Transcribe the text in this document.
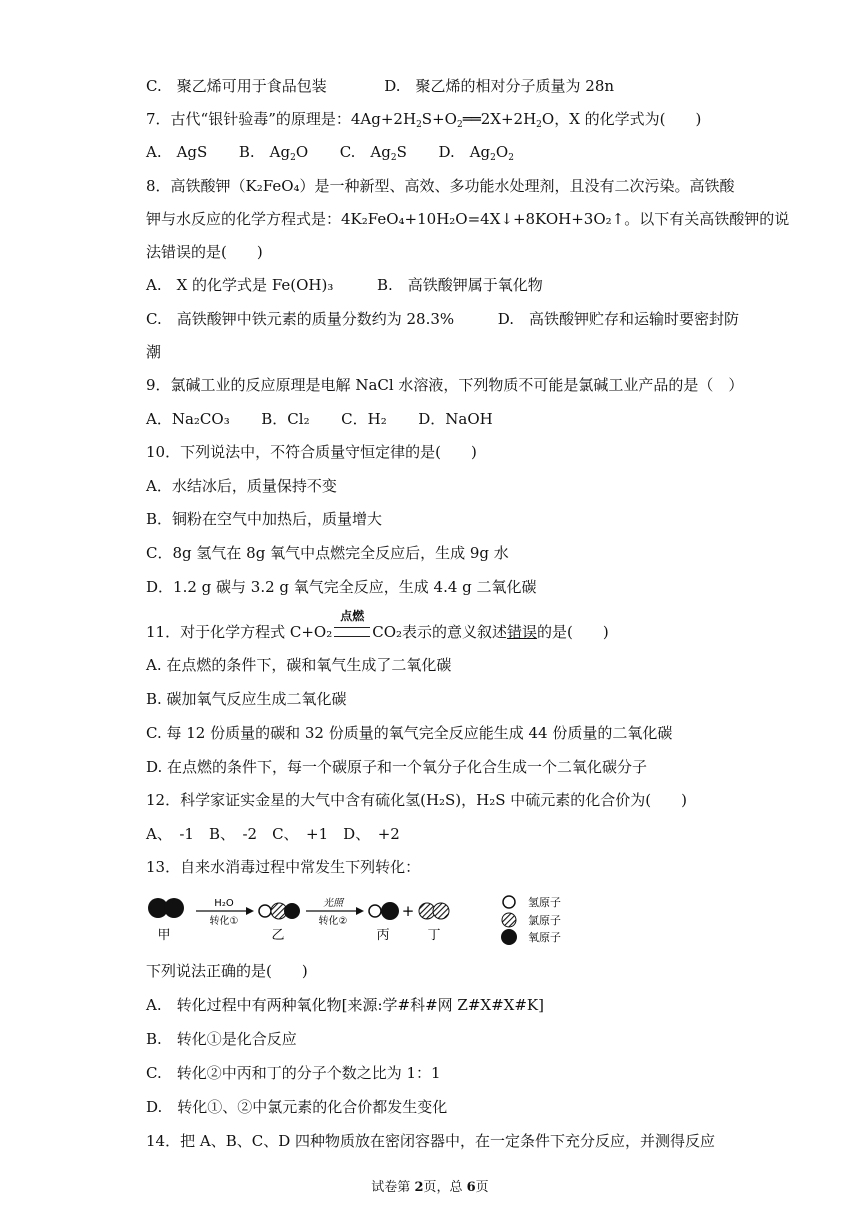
C.　聚乙烯可用于食品包装	D.　聚乙烯的相对分子质量为 28n
7．古代“银针验毒”的原理是：$4Ag+2H_2S+O_2══2X+2H_2O$，X 的化学式为(　　)
A.　AgS B.　$Ag_2O$ C.　$Ag_2S$ D.　$Ag_2O_2$
8．高铁酸钾（K₂FeO₄）是一种新型、高效、多功能水处理剂，且没有二次污染。高铁酸
钾与水反应的化学方程式是：4K₂FeO₄+10H₂O=4X↓+8KOH+3O₂↑。以下有关高铁酸钾的说
法错误的是(　　)
A.　X 的化学式是 Fe(OH)₃	B.　高铁酸钾属于氧化物
C.　高铁酸钾中铁元素的质量分数约为 28.3%	D.　高铁酸钾贮存和运输时要密封防
潮
9．氯碱工业的反应原理是电解 NaCl 水溶液，下列物质不可能是氯碱工业产品的是（　）
A．Na₂CO₃ B．Cl₂ C．H₂ D．NaOH
10．下列说法中，不符合质量守恒定律的是(　　)
A．水结冰后，质量保持不变
B．铜粉在空气中加热后，质量增大
C．8g 氢气在 8g 氧气中点燃完全反应后，生成 9g 水
D．1.2 g 碳与 3.2 g 氧气完全反应，生成 4.4 g 二氧化碳
11．对于化学方程式 C+O₂
点燃
CO₂表示的意义叙述错误的是(　　)
A. 在点燃的条件下，碳和氧气生成了二氧化碳
B. 碳加氧气反应生成二氧化碳
C. 每 12 份质量的碳和 32 份质量的氧气完全反应能生成 44 份质量的二氧化碳
D. 在点燃的条件下，每一个碳原子和一个氧分子化合生成一个二氧化碳分子
12．科学家证实金星的大气中含有硫化氢(H₂S)，H₂S 中硫元素的化合价为(　　)
A、　-1　B、　-2　C、　+1　D、　+2
13．自来水消毒过程中常发生下列转化：
甲
H₂O
转化①
乙
光照
转化②
丙
+
丁
氢原子
氯原子
氧原子
下列说法正确的是(　　)
A.　转化过程中有两种氧化物[来源:学#科#网 Z#X#X#K]
B.　转化①是化合反应
C.　转化②中丙和丁的分子个数之比为 1：1
D.　转化①、②中氯元素的化合价都发生变化
14．把 A、B、C、D 四种物质放在密闭容器中，在一定条件下充分反应，并测得反应
试卷第 2页，总 6页
